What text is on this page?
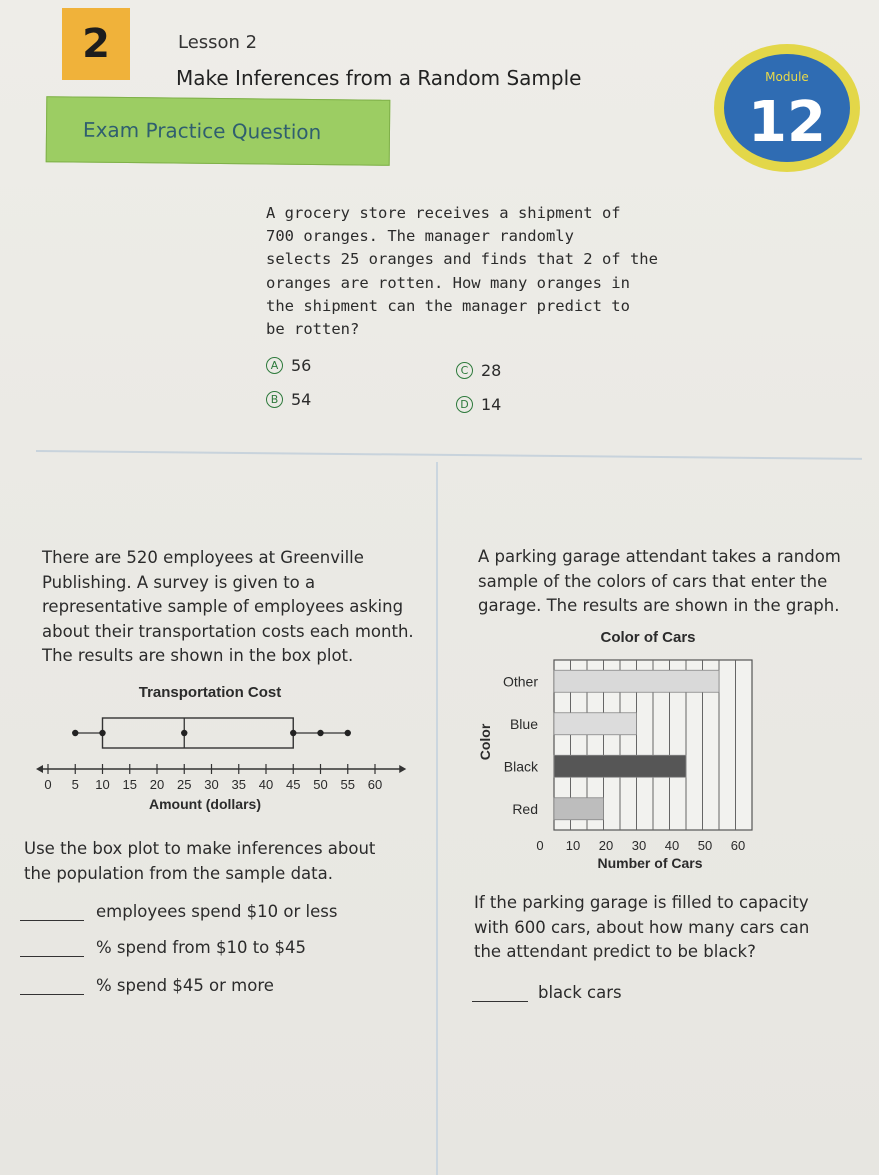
2	Lesson 2
Make Inferences from a Random Sample
Exam Practice Question
Module
12
A grocery store receives a shipment of
700 oranges. The manager randomly
selects 25 oranges and finds that 2 of the
oranges are rotten. How many oranges in
the shipment can the manager predict to
be rotten?
A 56
B 54
C 28
D 14
There are 520 employees at Greenville
Publishing. A survey is given to a
representative sample of employees asking
about their transportation costs each month.
The results are shown in the box plot.
Transportation Cost
0 5 10 15 20 25 30 35 40 45 50 55 60
Amount (dollars)
Use the box plot to make inferences about
the population from the sample data.
employees spend $10 or less
% spend from $10 to $45
% spend $45 or more
A parking garage attendant takes a random
sample of the colors of cars that enter the
garage. The results are shown in the graph.
Color of Cars
Other
Blue
Black
Red
0 10 20 30 40 50 60
Color
Number of Cars
If the parking garage is filled to capacity
with 600 cars, about how many cars can
the attendant predict to be black?
black cars
